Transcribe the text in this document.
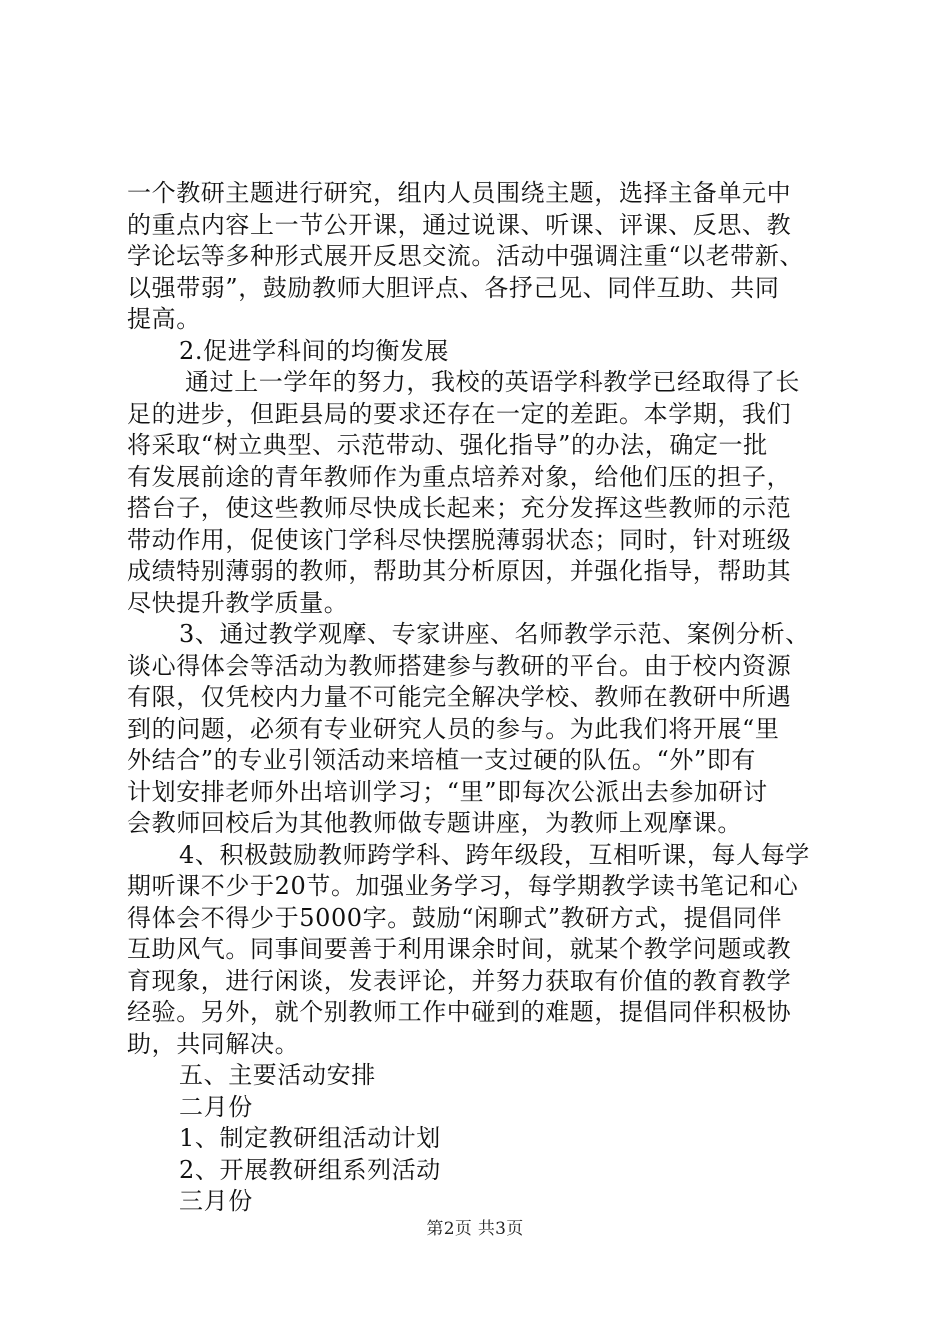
一个教研主题进行研究，组内人员围绕主题，选择主备单元中
的重点内容上一节公开课，通过说课、听课、评课、反思、教
学论坛等多种形式展开反思交流。活动中强调注重“以老带新、
以强带弱”，鼓励教师大胆评点、各抒己见、同伴互助、共同
提高。
2.促进学科间的均衡发展
通过上一学年的努力，我校的英语学科教学已经取得了长
足的进步，但距县局的要求还存在一定的差距。本学期，我们
将采取“树立典型、示范带动、强化指导”的办法，确定一批
有发展前途的青年教师作为重点培养对象，给他们压的担子，
搭台子，使这些教师尽快成长起来；充分发挥这些教师的示范
带动作用，促使该门学科尽快摆脱薄弱状态；同时，针对班级
成绩特别薄弱的教师，帮助其分析原因，并强化指导，帮助其
尽快提升教学质量。
3、通过教学观摩、专家讲座、名师教学示范、案例分析、
谈心得体会等活动为教师搭建参与教研的平台。由于校内资源
有限，仅凭校内力量不可能完全解决学校、教师在教研中所遇
到的问题，必须有专业研究人员的参与。为此我们将开展“里
外结合”的专业引领活动来培植一支过硬的队伍。“外”即有
计划安排老师外出培训学习；“里”即每次公派出去参加研讨
会教师回校后为其他教师做专题讲座，为教师上观摩课。
4、积极鼓励教师跨学科、跨年级段，互相听课，每人每学
期听课不少于20节。加强业务学习，每学期教学读书笔记和心
得体会不得少于5000字。鼓励“闲聊式”教研方式，提倡同伴
互助风气。同事间要善于利用课余时间，就某个教学问题或教
育现象，进行闲谈，发表评论，并努力获取有价值的教育教学
经验。另外，就个别教师工作中碰到的难题，提倡同伴积极协
助，共同解决。
五、主要活动安排
二月份
1、制定教研组活动计划
2、开展教研组系列活动
三月份
第2页 共3页
